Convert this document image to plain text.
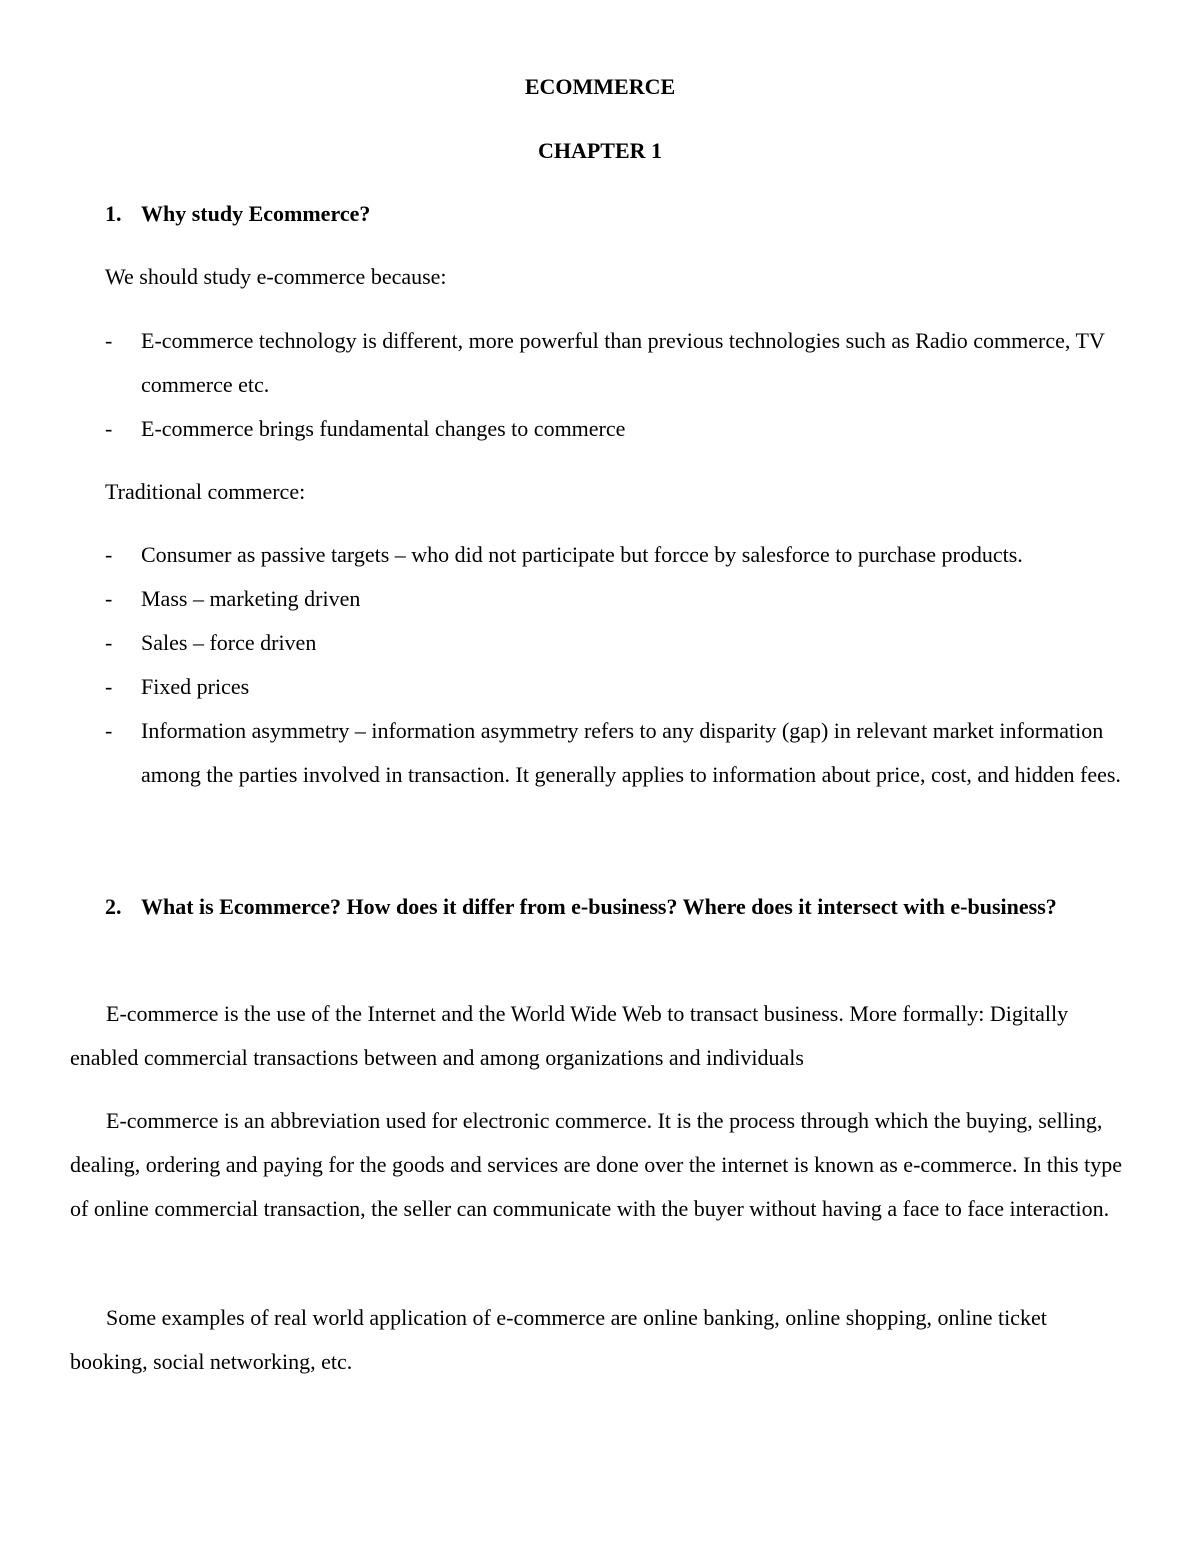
ECOMMERCE
CHAPTER 1
1. Why study Ecommerce?

We should study e-commerce because:

- E-commerce technology is different, more powerful than previous technologies such as Radio commerce, TV commerce etc.
- E-commerce brings fundamental changes to commerce

Traditional commerce:

- Consumer as passive targets – who did not participate but forcce by salesforce to purchase products.
- Mass – marketing driven
- Sales – force driven
- Fixed prices
- Information asymmetry – information asymmetry refers to any disparity (gap) in relevant market information among the parties involved in transaction. It generally applies to information about price, cost, and hidden fees.
2. What is Ecommerce? How does it differ from e-business? Where does it intersect with e-business?

E-commerce is the use of the Internet and the World Wide Web to transact business. More formally: Digitally enabled commercial transactions between and among organizations and individuals

E-commerce is an abbreviation used for electronic commerce. It is the process through which the buying, selling, dealing, ordering and paying for the goods and services are done over the internet is known as e-commerce. In this type of online commercial transaction, the seller can communicate with the buyer without having a face to face interaction.

Some examples of real world application of e-commerce are online banking, online shopping, online ticket booking, social networking, etc.
